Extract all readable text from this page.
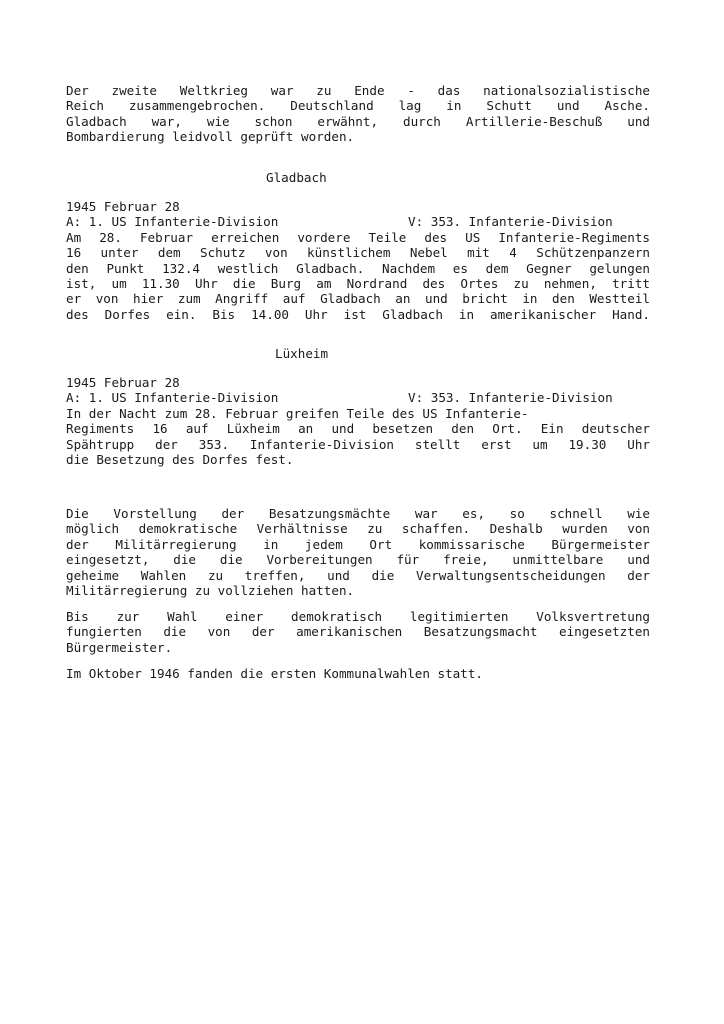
Der zweite Weltkrieg war zu Ende - das nationalsozialistische
Reich zusammengebrochen. Deutschland lag in Schutt und Asche.
Gladbach war, wie schon erwähnt, durch Artillerie-Beschuß und
Bombardierung leidvoll geprüft worden.
Gladbach
1945 Februar 28
A: 1. US Infanterie-Division	V: 353. Infanterie-Division
Am 28. Februar erreichen vordere Teile des US Infanterie-Regiments
16 unter dem Schutz von künstlichem Nebel mit 4 Schützenpanzern
den Punkt 132.4 westlich Gladbach. Nachdem es dem Gegner gelungen
ist, um 11.30 Uhr die Burg am Nordrand des Ortes zu nehmen, tritt
er von hier zum Angriff auf Gladbach an und bricht in den Westteil
des Dorfes ein. Bis 14.00 Uhr ist Gladbach in amerikanischer Hand.
Lüxheim
1945 Februar 28
A: 1. US Infanterie-Division	V: 353. Infanterie-Division
In der Nacht zum 28. Februar greifen Teile des US Infanterie-
Regiments 16 auf Lüxheim an und besetzen den Ort. Ein deutscher
Spähtrupp der 353. Infanterie-Division stellt erst um 19.30 Uhr
die Besetzung des Dorfes fest.
Die Vorstellung der Besatzungsmächte war es, so schnell wie
möglich demokratische Verhältnisse zu schaffen. Deshalb wurden von
der Militärregierung in jedem Ort kommissarische Bürgermeister
eingesetzt, die die Vorbereitungen für freie, unmittelbare und
geheime Wahlen zu treffen, und die Verwaltungsentscheidungen der
Militärregierung zu vollziehen hatten.
Bis zur Wahl einer demokratisch legitimierten Volksvertretung
fungierten die von der amerikanischen Besatzungsmacht eingesetzten
Bürgermeister.
Im Oktober 1946 fanden die ersten Kommunalwahlen statt.
